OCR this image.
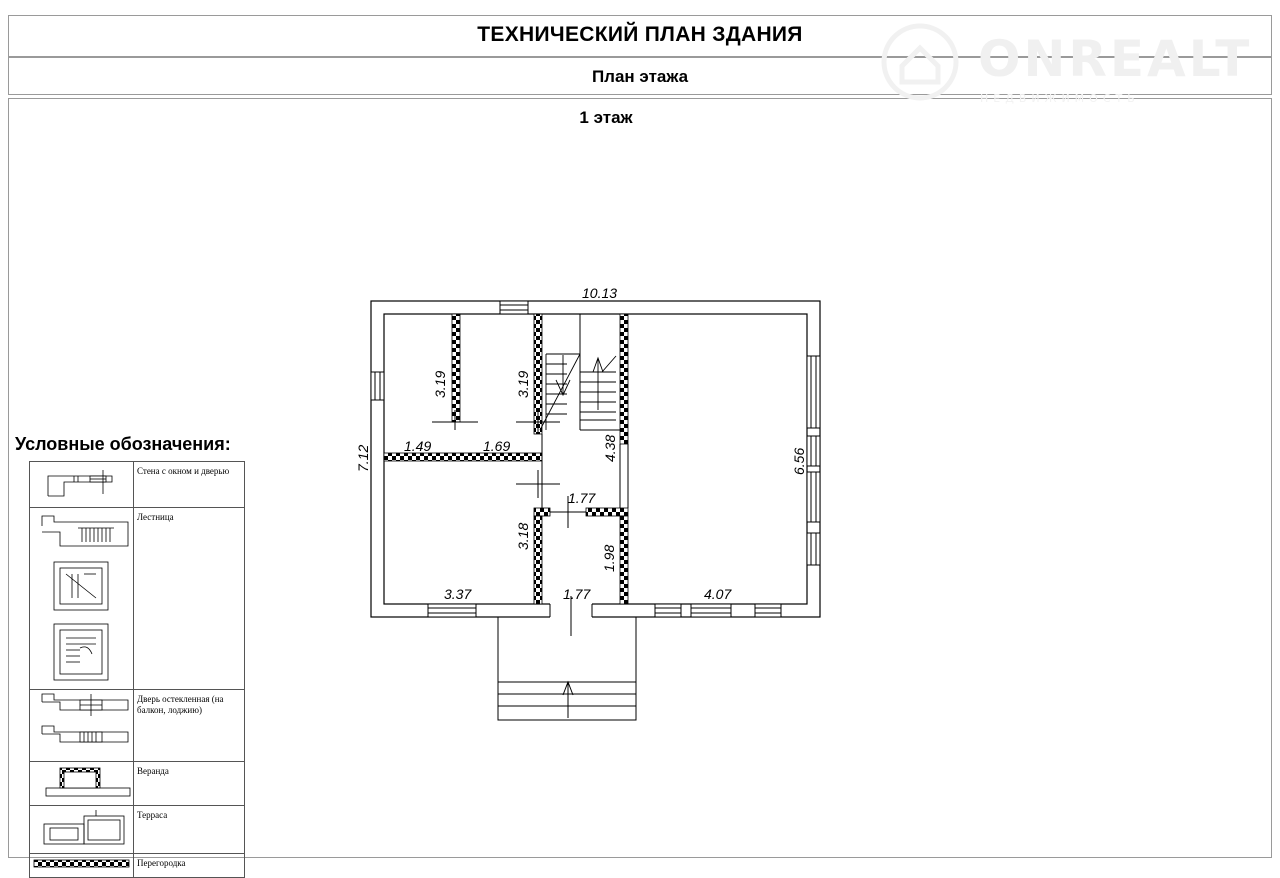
ONREALT
НЕДВИЖИМОСТЬ
ТЕХНИЧЕСКИЙ ПЛАН ЗДАНИЯ
План этажа
1 этаж
10.13
7.12	6.56
3.19	3.19
1.49	1.69	4.38
1.77
3.18
1.98
3.37	1.77	4.07
Условные обозначения:
	Стена с окном и дверью
	Лестница
	Дверь остекленная (на балкон, лоджию)
	Веранда
	Терраса
	Перегородка
